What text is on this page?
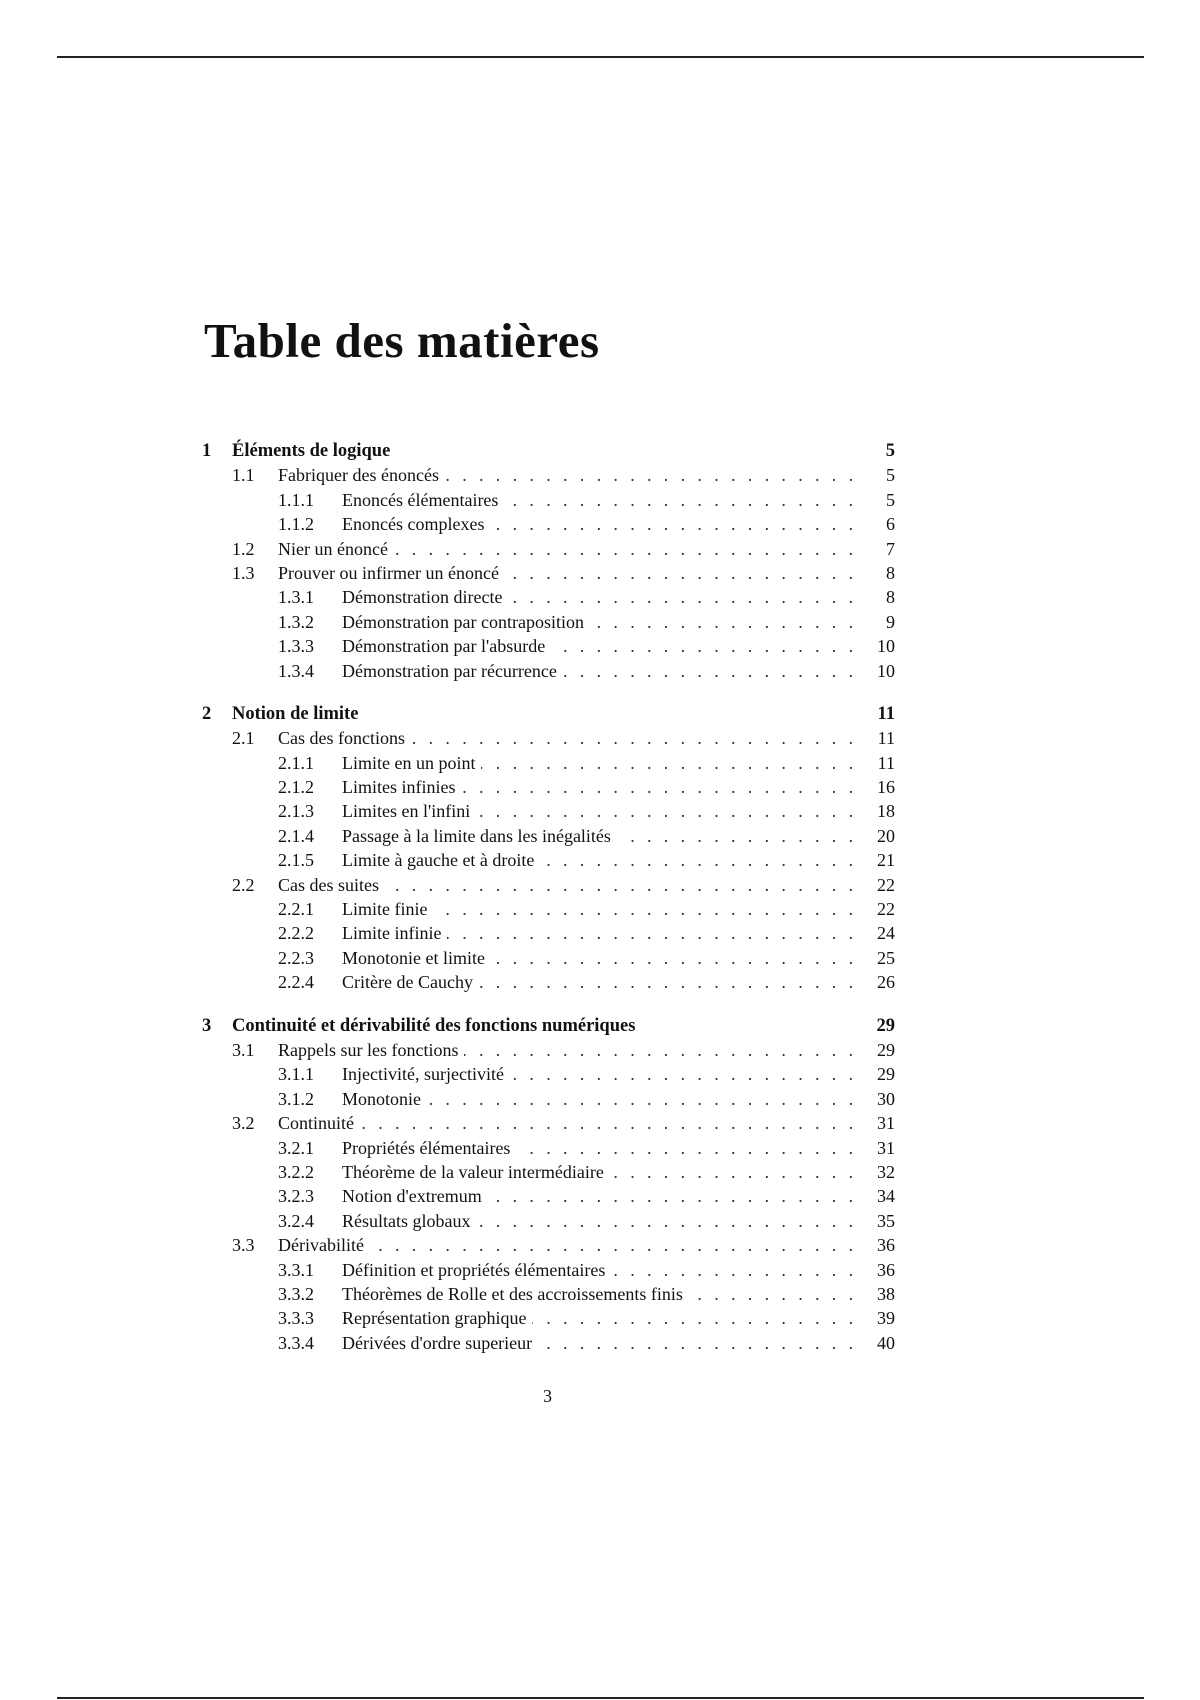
Table des matières
1	Éléments de logique	5
1.1	Fabriquer des énoncés . . .	5
1.1.1	Enoncés élémentaires . . .	5
1.1.2	Enoncés complexes . . .	6
1.2	Nier un énoncé . . .	7
1.3	Prouver ou infirmer un énoncé . . .	8
1.3.1	Démonstration directe . . .	8
1.3.2	Démonstration par contraposition . . .	9
1.3.3	Démonstration par l'absurde . . .	10
1.3.4	Démonstration par récurrence . . .	10
2	Notion de limite	11
2.1	Cas des fonctions . . .	11
2.1.1	Limite en un point . . .	11
2.1.2	Limites infinies . . .	16
2.1.3	Limites en l'infini . . .	18
2.1.4	Passage à la limite dans les inégalités . . .	20
2.1.5	Limite à gauche et à droite . . .	21
2.2	Cas des suites . . .	22
2.2.1	Limite finie . . .	22
2.2.2	Limite infinie . . .	24
2.2.3	Monotonie et limite . . .	25
2.2.4	Critère de Cauchy . . .	26
3	Continuité et dérivabilité des fonctions numériques	29
3.1	Rappels sur les fonctions . . .	29
3.1.1	Injectivité, surjectivité . . .	29
3.1.2	Monotonie . . .	30
3.2	Continuité . . .	31
3.2.1	Propriétés élémentaires . . .	31
3.2.2	Théorème de la valeur intermédiaire . . .	32
3.2.3	Notion d'extremum . . .	34
3.2.4	Résultats globaux . . .	35
3.3	Dérivabilité . . .	36
3.3.1	Définition et propriétés élémentaires . . .	36
3.3.2	Théorèmes de Rolle et des accroissements finis . . .	38
3.3.3	Représentation graphique . . .	39
3.3.4	Dérivées d'ordre superieur . . .	40
3
